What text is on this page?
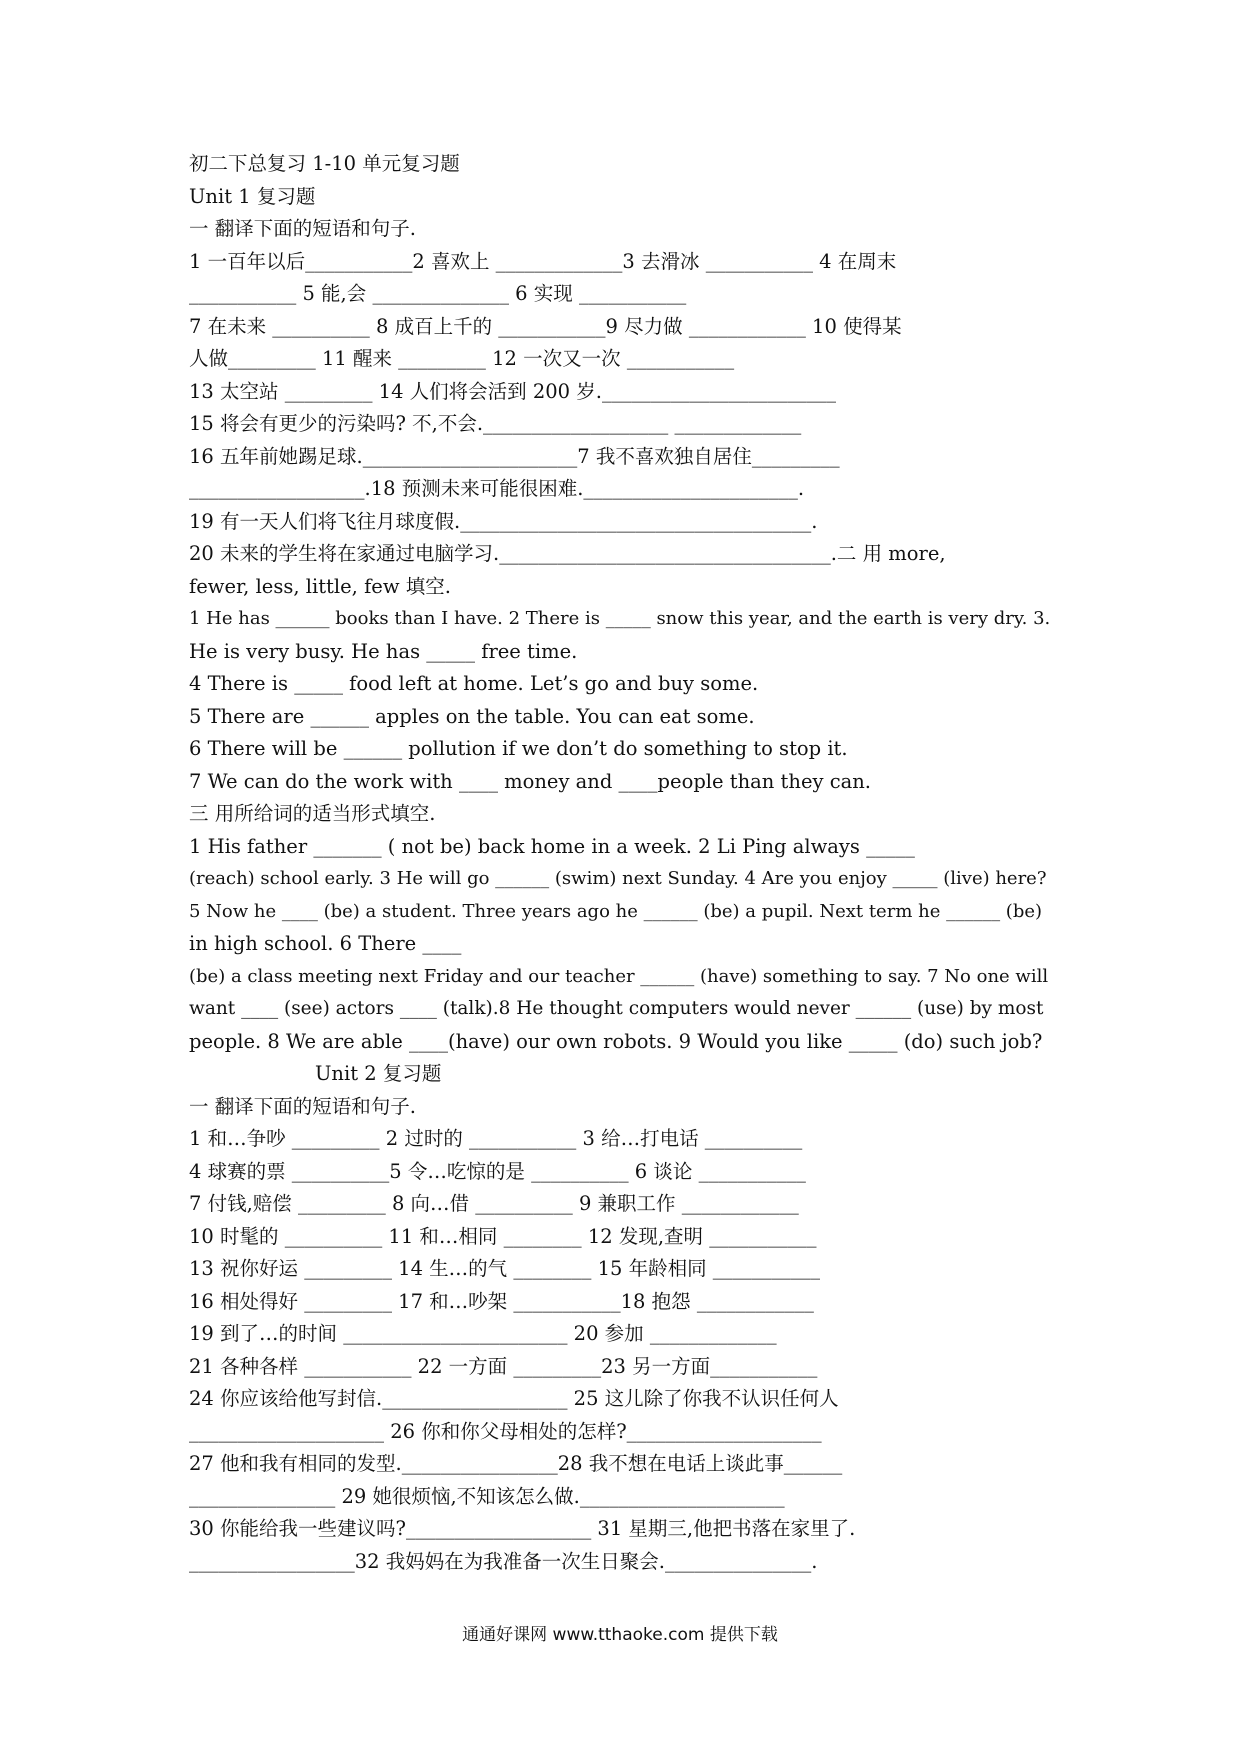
初二下总复习 1-10 单元复习题
Unit 1 复习题
一 翻译下面的短语和句子.
1 一百年以后___________2 喜欢上 _____________3 去滑冰 ___________ 4 在周末
___________ 5 能,会 ______________ 6 实现 ___________
7 在未来 __________ 8 成百上千的 ___________9 尽力做 ____________ 10 使得某
人做_________ 11 醒来 _________ 12 一次又一次 ___________
13 太空站 _________ 14 人们将会活到 200 岁.________________________
15 将会有更少的污染吗? 不,不会.___________________ _____________
16 五年前她踢足球.______________________7 我不喜欢独自居住_________
__________________.18 预测未来可能很困难.______________________.
19 有一天人们将飞往月球度假.____________________________________.
20 未来的学生将在家通过电脑学习.__________________________________.二 用 more,
fewer, less, little, few 填空.
1 He has ______ books than I have. 2 There is _____ snow this year, and the earth is very dry. 3.
He is very busy. He has _____ free time.
4 There is _____ food left at home. Let’s go and buy some.
5 There are ______ apples on the table. You can eat some.
6 There will be ______ pollution if we don’t do something to stop it.
7 We can do the work with ____ money and ____people than they can.
三 用所给词的适当形式填空.
1 His father _______ ( not be) back home in a week. 2 Li Ping always _____
(reach) school early. 3 He will go ______ (swim) next Sunday. 4 Are you enjoy _____ (live) here?
5 Now he ____ (be) a student. Three years ago he ______ (be) a pupil. Next term he ______ (be)
in high school. 6 There ____
(be) a class meeting next Friday and our teacher ______ (have) something to say. 7 No one will
want ____ (see) actors ____ (talk).8 He thought computers would never ______ (use) by most
people. 8 We are able ____(have) our own robots. 9 Would you like _____ (do) such job?
Unit 2 复习题
一 翻译下面的短语和句子.
1 和…争吵 _________ 2 过时的 ___________ 3 给…打电话 __________
4 球赛的票 __________5 令…吃惊的是 __________ 6 谈论 ___________
7 付钱,赔偿 _________ 8 向…借 __________ 9 兼职工作 ____________
10 时髦的 __________ 11 和…相同 ________ 12 发现,查明 ___________
13 祝你好运 _________ 14 生…的气 ________ 15 年龄相同 ___________
16 相处得好 _________ 17 和…吵架 ___________18 抱怨 ____________
19 到了…的时间 _______________________ 20 参加 _____________
21 各种各样 ___________ 22 一方面 _________23 另一方面___________
24 你应该给他写封信.___________________ 25 这儿除了你我不认识任何人
____________________ 26 你和你父母相处的怎样?____________________
27 他和我有相同的发型.________________28 我不想在电话上谈此事______
_______________ 29 她很烦恼,不知该怎么做._____________________
30 你能给我一些建议吗?___________________ 31 星期三,他把书落在家里了.
_________________32 我妈妈在为我准备一次生日聚会._______________.
通通好课网 www.tthaoke.com 提供下载
